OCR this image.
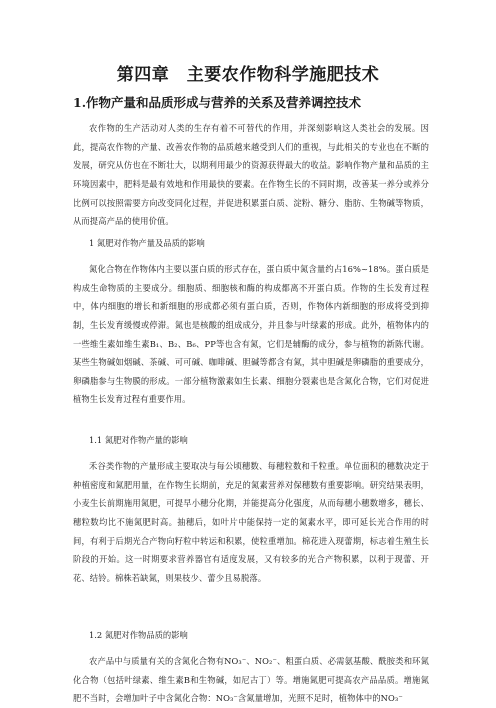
第四章　主要农作物科学施肥技术
1.作物产量和品质形成与营养的关系及营养调控技术

农作物的生产活动对人类的生存有着不可替代的作用，并深刻影响这人类社会的发展。因此，提高农作物的产量、改善农作物的品质越来越受到人们的重视，与此相关的专业也在不断的发展，研究从仿也在不断壮大，以期利用最少的资源获得最大的收益。影响作物产量和品质的主环境因素中，肥料是最有效地和作用最快的要素。在作物生长的不同时期，改善某一养分或养分比例可以按照需要方向改变同化过程，并促进积累蛋白质、淀粉、糖分、脂肪、生物碱等物质，从而提高产品的使用价值。

1 氮肥对作物产量及品质的影响

氮化合物在作物体内主要以蛋白质的形式存在，蛋白质中氮含量约占16%~18%。蛋白质是构成生命物质的主要成分。细胞质、细胞核和酶的构成都离不开蛋白质。作物的生长发育过程中，体内细胞的增长和新细胞的形成都必须有蛋白质，否则，作物体内新细胞的形成将受到抑制，生长发育缓慢或停滞。氮也是核酸的组成成分，并且参与叶绿素的形成。此外，植物体内的一些维生素如维生素B₁、B₂、B₆、PP等也含有氮，它们是辅酶的成分，参与植物的新陈代谢。某些生物碱如烟碱、茶碱、可可碱、咖啡碱、胆碱等都含有氮，其中胆碱是卵磷脂的重要成分，卵磷脂参与生物膜的形成。一部分植物激素如生长素、细胞分裂素也是含氮化合物，它们对促进植物生长发育过程有重要作用。

1.1 氮肥对作物产量的影响

禾谷类作物的产量形成主要取决与每公顷穗数、每穗粒数和千粒重。单位面积的穗数决定于种植密度和氮肥用量，在作物生长期前，充足的氮素营养对保穗数有重要影响。研究结果表明，小麦生长前期施用氮肥，可提早小穗分化期，并能提高分化强度，从而每穗小穗数增多，穗长、穗粒数均比不施氮肥时高。抽穗后，如叶片中能保持一定的氮素水平，即可延长光合作用的时间，有利于后期光合产物向籽粒中转运和积累，使粒重增加。棉花进入现蕾期，标志着生殖生长阶段的开始。这一时期要求营养器官有适度发展，又有较多的光合产物积累，以利于现蕾、开花、结铃。棉株若缺氮，则果枝少、蕾少且易脱落。

1.2 氮肥对作物品质的影响

农产品中与质量有关的含氮化合物有NO₃⁻、NO₂⁻、粗蛋白质、必需氨基酸、酰胺类和环氮化合物（包括叶绿素、维生素B和生物碱，如尼古丁）等。增施氮肥可提高农产品品质。增施氮肥不当时，会增加叶子中含氮化合物：NO₃⁻含氮量增加，光照不足时，植物体中的NO₃⁻
